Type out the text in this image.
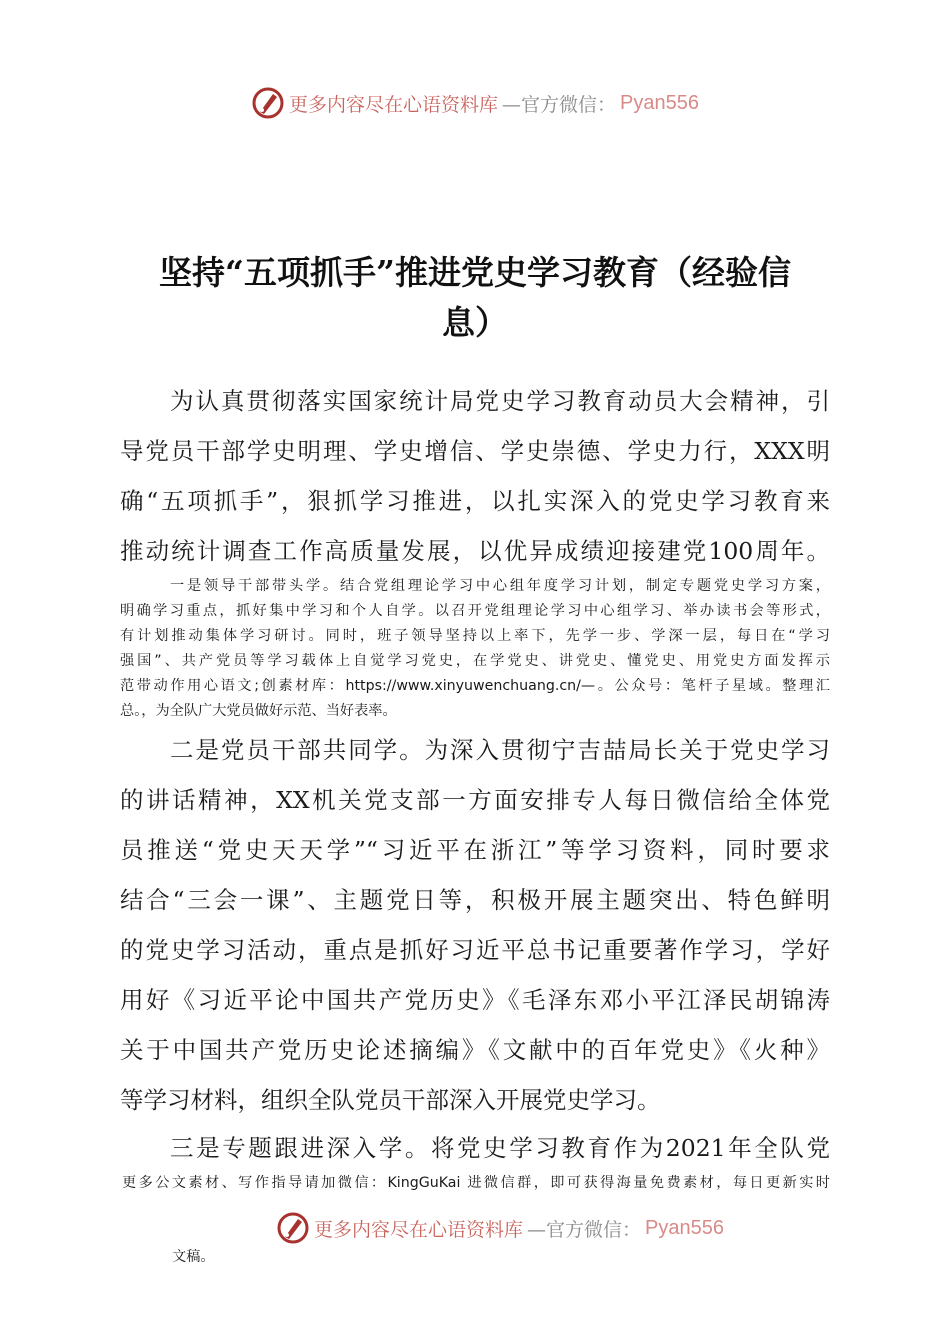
更多内容尽在心语资料库 —官方微信： Pyan556
坚持“五项抓手”推进党史学习教育（经验信
息）
为认真贯彻落实国家统计局党史学习教育动员大会精神，引
导党员干部学史明理、学史增信、学史崇德、学史力行，XXX明
确“五项抓手”，狠抓学习推进，以扎实深入的党史学习教育来
推动统计调查工作高质量发展，以优异成绩迎接建党100周年。
一是领导干部带头学。结合党组理论学习中心组年度学习计划，制定专题党史学习方案，
明确学习重点，抓好集中学习和个人自学。以召开党组理论学习中心组学习、举办读书会等形式，
有计划推动集体学习研讨。同时，班子领导坚持以上率下，先学一步、学深一层，每日在“学习
强国”、共产党员等学习载体上自觉学习党史，在学党史、讲党史、懂党史、用党史方面发挥示
范带动作用心语文;创素材库：https://www.xinyuwenchuang.cn/—。公众号：笔杆子星域。整理汇
总。，为全队广大党员做好示范、当好表率。
二是党员干部共同学。为深入贯彻宁吉喆局长关于党史学习
的讲话精神，XX机关党支部一方面安排专人每日微信给全体党
员推送“党史天天学”“习近平在浙江”等学习资料，同时要求
结合“三会一课”、主题党日等，积极开展主题突出、特色鲜明
的党史学习活动，重点是抓好习近平总书记重要著作学习，学好
用好《习近平论中国共产党历史》《毛泽东邓小平江泽民胡锦涛
关于中国共产党历史论述摘编》《文献中的百年党史》《火种》
等学习材料，组织全队党员干部深入开展党史学习。
三是专题跟进深入学。将党史学习教育作为2021年全队党
更多公文素材、写作指导请加微信：KingGuKai 进微信群，即可获得海量免费素材，每日更新实时
更多内容尽在心语资料库 —官方微信： Pyan556
文稿。
